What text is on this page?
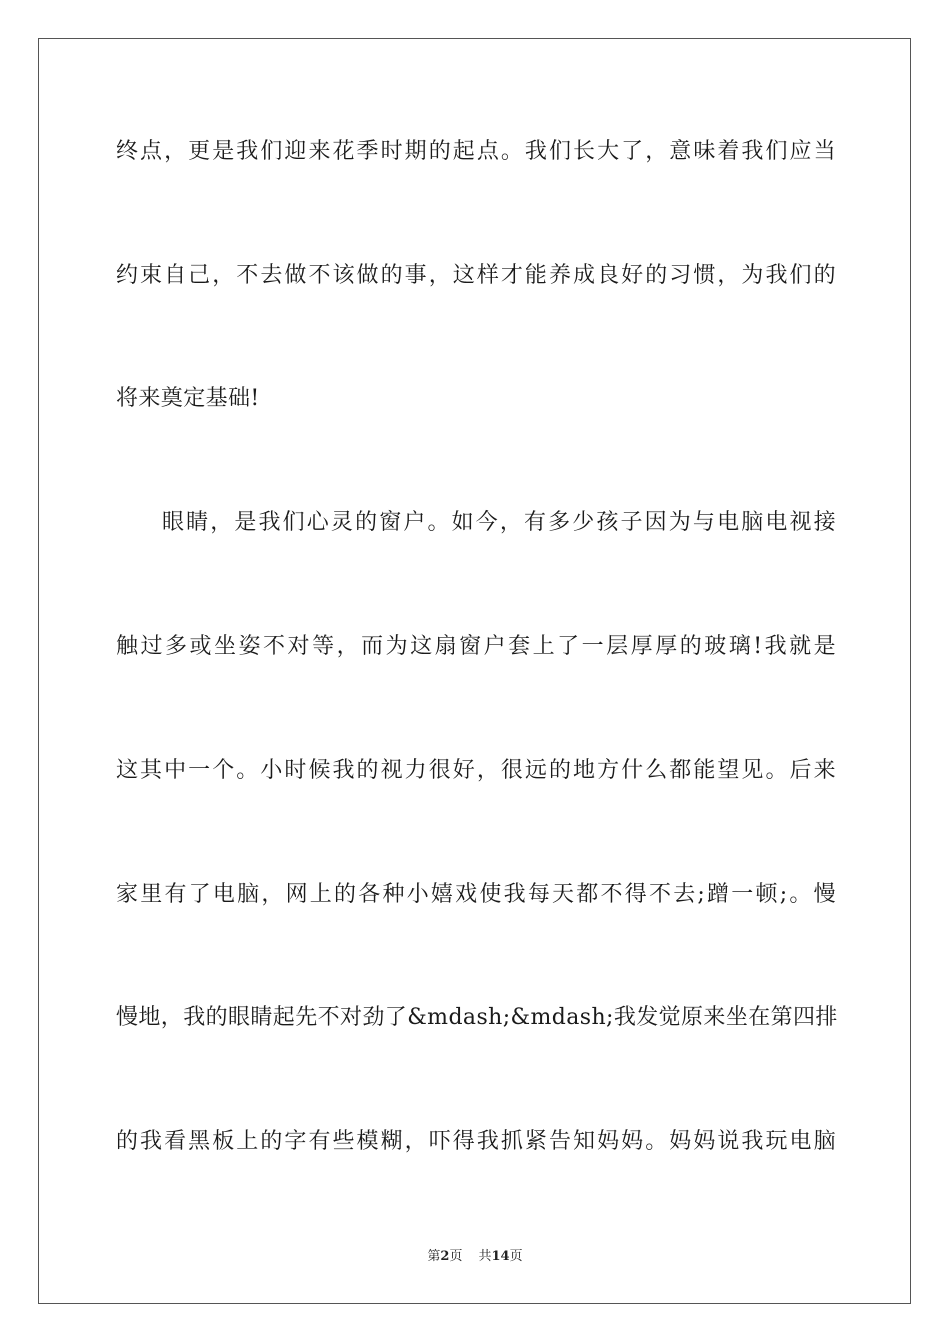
终点，更是我们迎来花季时期的起点。我们长大了，意味着我们应当
约束自己，不去做不该做的事，这样才能养成良好的习惯，为我们的
将来奠定基础!
眼睛，是我们心灵的窗户。如今，有多少孩子因为与电脑电视接
触过多或坐姿不对等，而为这扇窗户套上了一层厚厚的玻璃!我就是
这其中一个。小时候我的视力很好，很远的地方什么都能望见。后来
家里有了电脑，网上的各种小嬉戏使我每天都不得不去;蹭一顿;。慢
慢地，我的眼睛起先不对劲了&mdash;&mdash;我发觉原来坐在第四排
的我看黑板上的字有些模糊，吓得我抓紧告知妈妈。妈妈说我玩电脑
第2页 共14页
